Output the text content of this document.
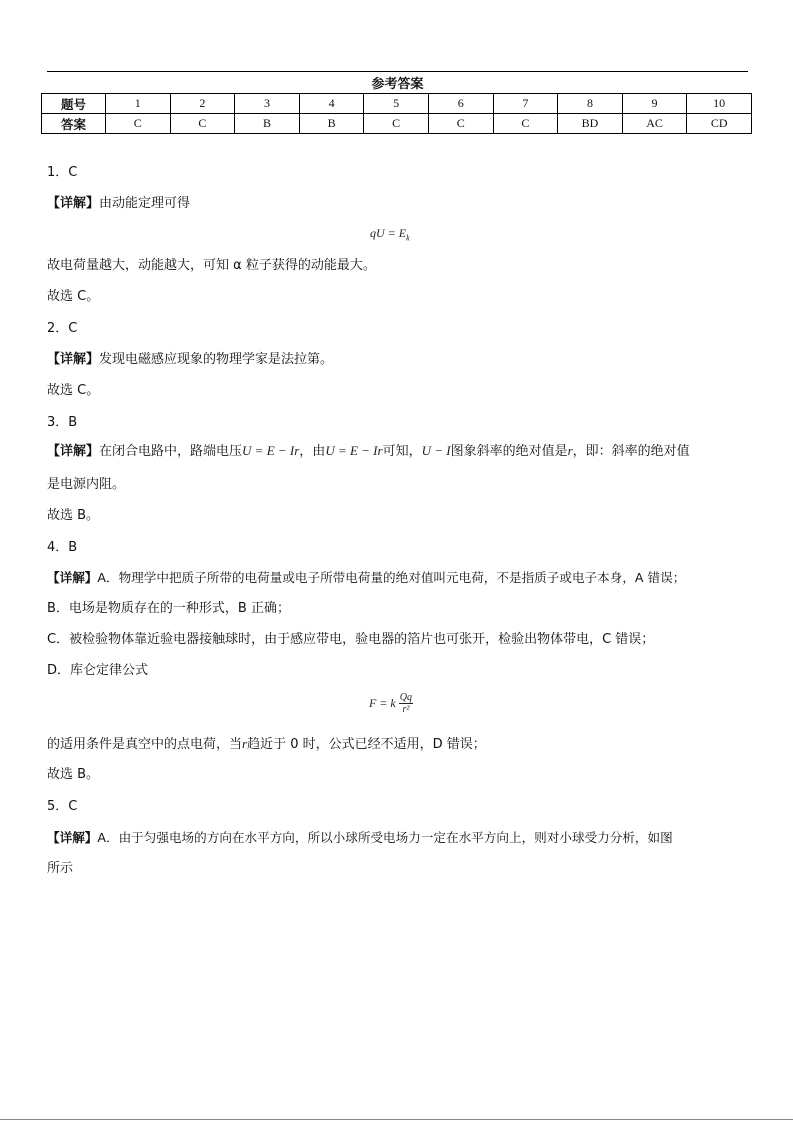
参考答案
题号	1	2	3	4	5	6	7	8	9	10
答案	C	C	B	B	C	C	C	BD	AC	CD
1．C
【详解】由动能定理可得
qU = $E_k$
故电荷量越大，动能越大，可知 α 粒子获得的动能最大。
故选 C。
2．C
【详解】发现电磁感应现象的物理学家是法拉第。
故选 C。
3．B
【详解】在闭合电路中，路端电压U = E − Ir，由U = E − Ir可知，U − I图象斜率的绝对值是r，即：斜率的绝对值
是电源内阻。
故选 B。
4．B
【详解】A．物理学中把质子所带的电荷量或电子所带电荷量的绝对值叫元电荷，不是指质子或电子本身，A 错误；
B．电场是物质存在的一种形式，B 正确；
C．被检验物体靠近验电器接触球时，由于感应带电，验电器的箔片也可张开，检验出物体带电，C 错误；
D．库仑定律公式
F = k $\frac{Qq}{\text{r²}}$
的适用条件是真空中的点电荷，当r趋近于 0 时，公式已经不适用，D 错误；
故选 B。
5．C
【详解】A．由于匀强电场的方向在水平方向，所以小球所受电场力一定在水平方向上，则对小球受力分析，如图
所示
